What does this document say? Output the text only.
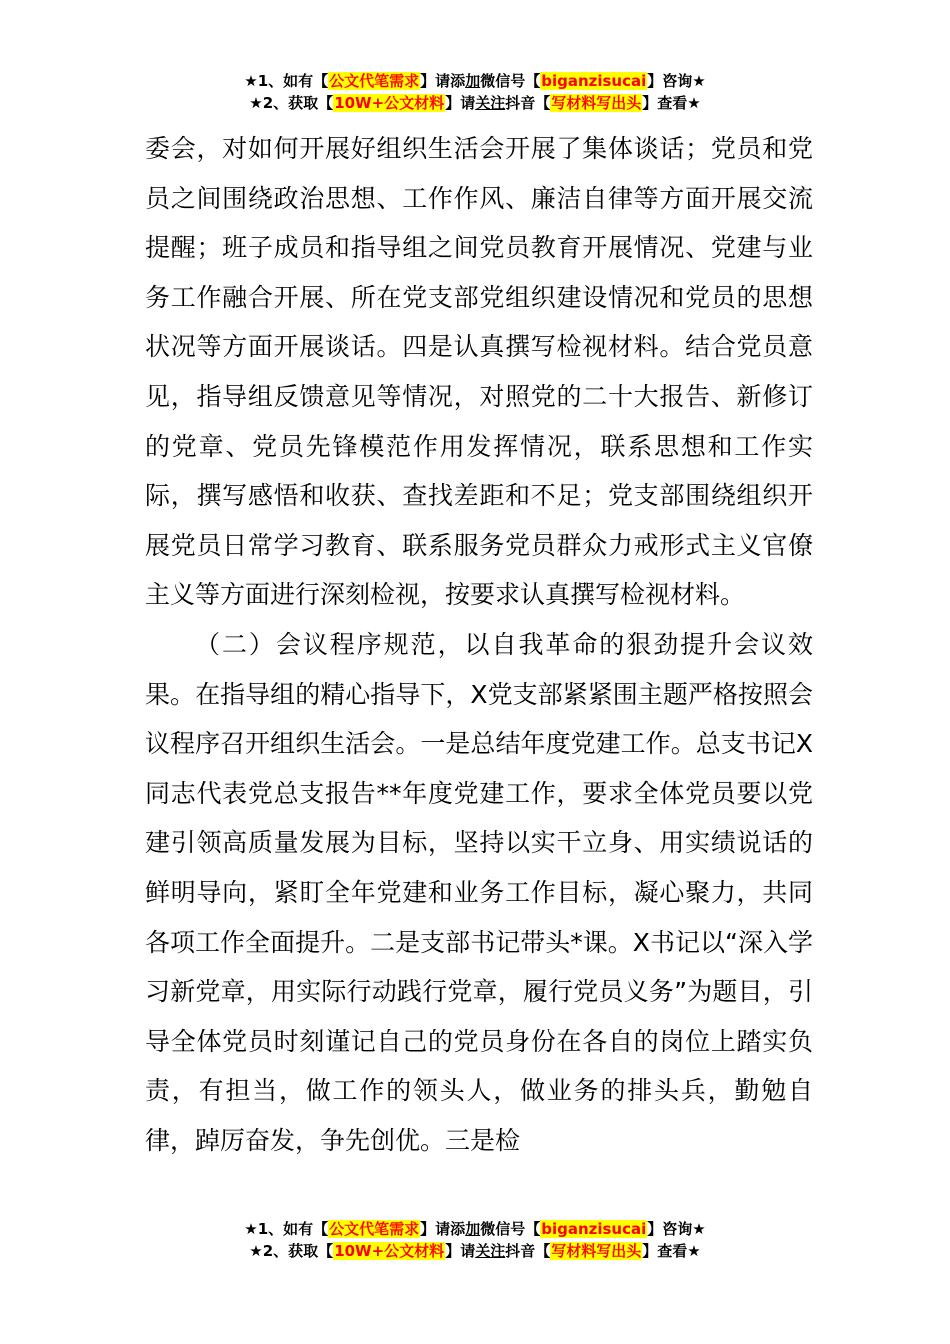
★1、如有【公文代笔需求】请添加微信号【biganzisucai】咨询★
★2、获取【10W+公文材料】请关注抖音【写材料写出头】查看★

委会，对如何开展好组织生活会开展了集体谈话；党员和党员之间围绕政治思想、工作作风、廉洁自律等方面开展交流提醒；班子成员和指导组之间党员教育开展情况、党建与业务工作融合开展、所在党支部党组织建设情况和党员的思想状况等方面开展谈话。四是认真撰写检视材料。结合党员意见，指导组反馈意见等情况，对照党的二十大报告、新修订的党章、党员先锋模范作用发挥情况，联系思想和工作实际，撰写感悟和收获、查找差距和不足；党支部围绕组织开展党员日常学习教育、联系服务党员群众力戒形式主义官僚主义等方面进行深刻检视，按要求认真撰写检视材料。

（二）会议程序规范，以自我革命的狠劲提升会议效果。在指导组的精心指导下，X党支部紧紧围主题严格按照会议程序召开组织生活会。一是总结年度党建工作。总支书记X同志代表党总支报告**年度党建工作，要求全体党员要以党建引领高质量发展为目标，坚持以实干立身、用实绩说话的鲜明导向，紧盯全年党建和业务工作目标，凝心聚力，共同各项工作全面提升。二是支部书记带头*课。X书记以“深入学习新党章，用实际行动践行党章，履行党员义务”为题目，引导全体党员时刻谨记自己的党员身份在各自的岗位上踏实负责，有担当，做工作的领头人，做业务的排头兵，勤勉自律，踔厉奋发，争先创优。三是检

★1、如有【公文代笔需求】请添加微信号【biganzisucai】咨询★
★2、获取【10W+公文材料】请关注抖音【写材料写出头】查看★
